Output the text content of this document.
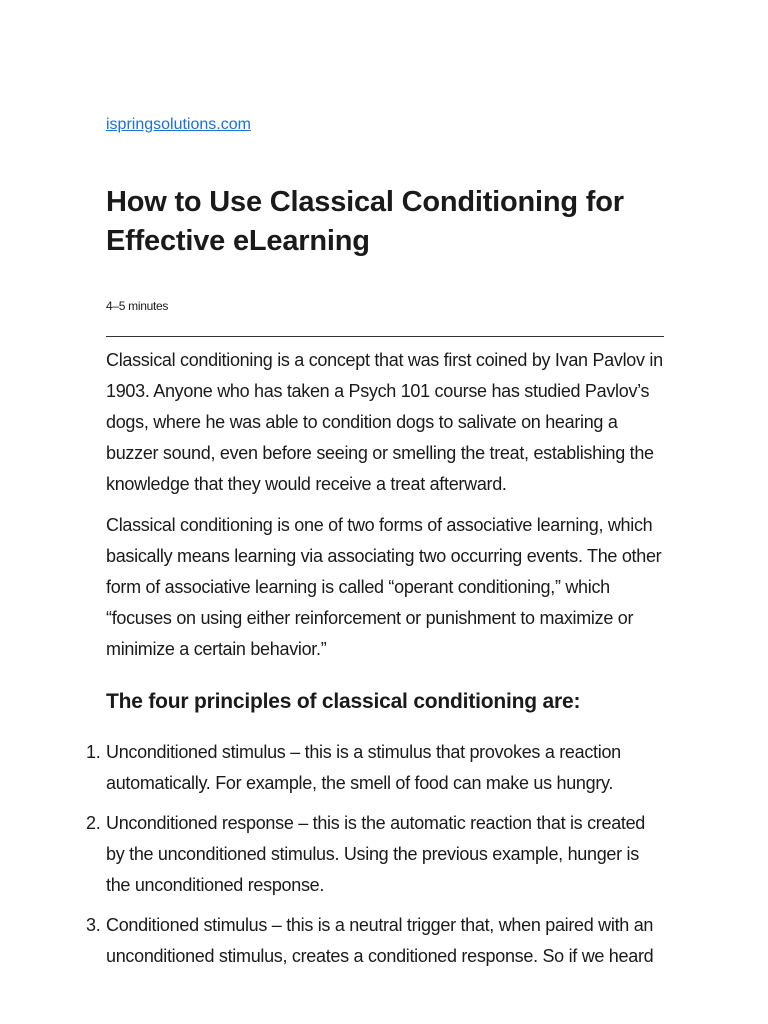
ispringsolutions.com
How to Use Classical Conditioning for Effective eLearning
4–5 minutes

Classical conditioning is a concept that was first coined by Ivan Pavlov in 1903. Anyone who has taken a Psych 101 course has studied Pavlov’s dogs, where he was able to condition dogs to salivate on hearing a buzzer sound, even before seeing or smelling the treat, establishing the knowledge that they would receive a treat afterward.

Classical conditioning is one of two forms of associative learning, which basically means learning via associating two occurring events. The other form of associative learning is called “operant conditioning,” which “focuses on using either reinforcement or punishment to maximize or minimize a certain behavior.”

The four principles of classical conditioning are:
1. Unconditioned stimulus – this is a stimulus that provokes a reaction automatically. For example, the smell of food can make us hungry.
2. Unconditioned response – this is the automatic reaction that is created by the unconditioned stimulus. Using the previous example, hunger is the unconditioned response.
3. Conditioned stimulus – this is a neutral trigger that, when paired with an unconditioned stimulus, creates a conditioned response. So if we heard
